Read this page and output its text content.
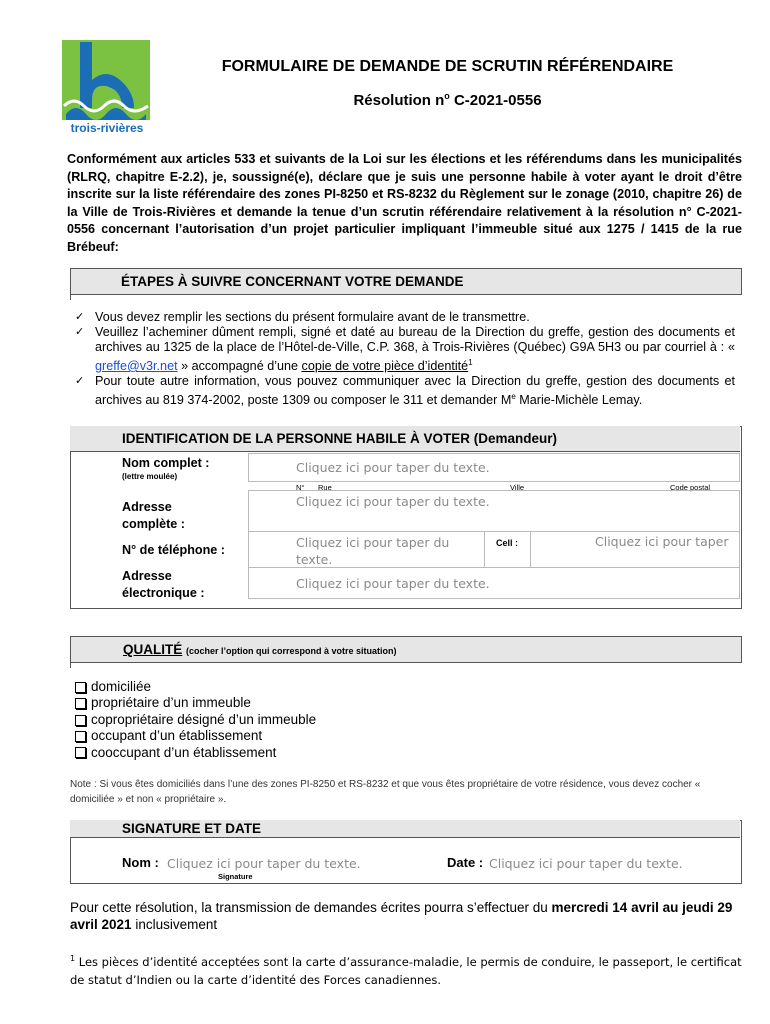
trois-rivières
FORMULAIRE DE DEMANDE DE SCRUTIN RÉFÉRENDAIRE
Résolution $n^o$ C-2021-0556
Conformément aux articles 533 et suivants de la Loi sur les élections et les référendums dans les municipalités (RLRQ, chapitre E-2.2), je, soussigné(e), déclare que je suis une personne habile à voter ayant le droit d’être inscrite sur la liste référendaire des zones PI-8250 et RS-8232 du Règlement sur le zonage (2010, chapitre 26) de la Ville de Trois-Rivières et demande la tenue d’un scrutin référendaire relativement à la résolution n° C-2021-0556 concernant l’autorisation d’un projet particulier impliquant l’immeuble situé aux 1275 / 1415 de la rue Brébeuf:
ÉTAPES À SUIVRE CONCERNANT VOTRE DEMANDE
✓ Vous devez remplir les sections du présent formulaire avant de le transmettre.
✓ Veuillez l’acheminer dûment rempli, signé et daté au bureau de la Direction du greffe, gestion des documents et archives au 1325 de la place de l’Hôtel-de-Ville, C.P. 368, à Trois-Rivières (Québec) G9A 5H3 ou par courriel à : « greffe@v3r.net » accompagné d’une copie de votre pièce d’identité$^1$
✓ Pour toute autre information, vous pouvez communiquer avec la Direction du greffe, gestion des documents et archives au 819 374-2002, poste 1309 ou composer le 311 et demander Me Marie-Michèle Lemay.
IDENTIFICATION DE LA PERSONNE HABILE À VOTER (Demandeur)
Nom complet :
(lettre moulée)
Cliquez ici pour taper du texte.
N° Rue	Ville	Code postal
Adresse
complète :
Cliquez ici pour taper du texte.
N° de téléphone :	Cliquez ici pour taper du texte.
Cell :	Cliquez ici pour taper
Adresse
électronique :
Cliquez ici pour taper du texte.
QUALITÉ (cocher l’option qui correspond à votre situation)
domiciliée
propriétaire d’un immeuble
copropriétaire désigné d’un immeuble
occupant d’un établissement
cooccupant d’un établissement
Note : Si vous êtes domiciliés dans l’une des zones PI-8250 et RS-8232 et que vous êtes propriétaire de votre résidence, vous devez cocher « domiciliée » et non « propriétaire ».
SIGNATURE ET DATE
Nom : Cliquez ici pour taper du texte.
Signature
Date : Cliquez ici pour taper du texte.
Pour cette résolution, la transmission de demandes écrites pourra s’effectuer du mercredi 14 avril au jeudi 29 avril 2021 inclusivement
$^1$ Les pièces d’identité acceptées sont la carte d’assurance-maladie, le permis de conduire, le passeport, le certificat de statut d’Indien ou la carte d’identité des Forces canadiennes.
